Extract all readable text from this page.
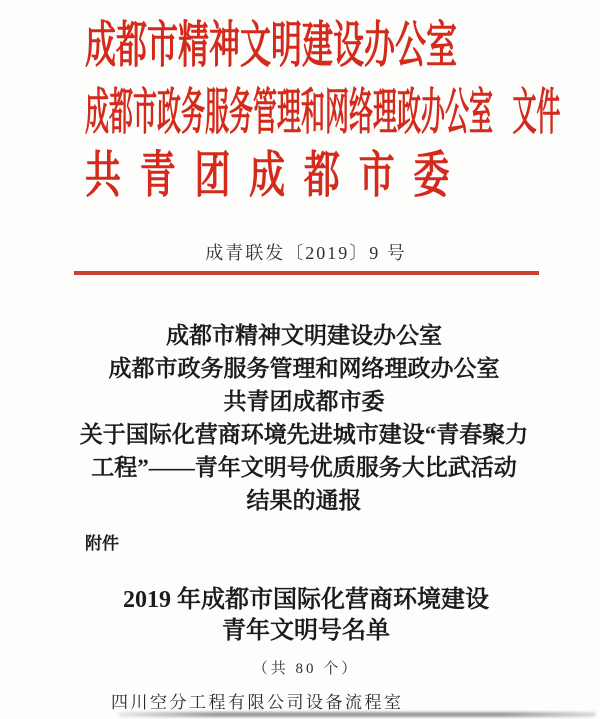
成都市精神文明建设办公室
成都市政务服务管理和网络理政办公室 文件
共青团成都市委
成青联发〔2019〕9 号
成都市精神文明建设办公室
成都市政务服务管理和网络理政办公室
共青团成都市委
关于国际化营商环境先进城市建设“青春聚力
工程”——青年文明号优质服务大比武活动
结果的通报
附件
2019 年成都市国际化营商环境建设
青年文明号名单
（共 80 个）
四川空分工程有限公司设备流程室
